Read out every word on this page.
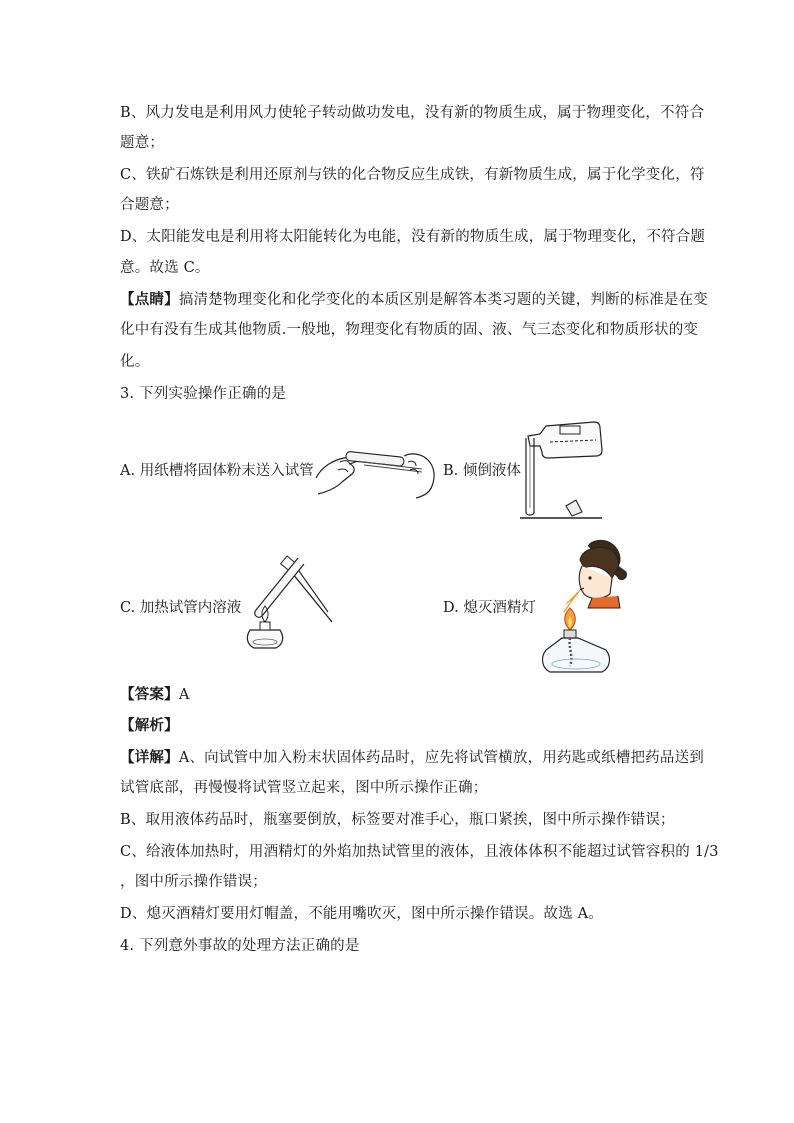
B、风力发电是利用风力使轮子转动做功发电，没有新的物质生成，属于物理变化，不符合
题意；
C、铁矿石炼铁是利用还原剂与铁的化合物反应生成铁，有新物质生成，属于化学变化，符
合题意；
D、太阳能发电是利用将太阳能转化为电能，没有新的物质生成，属于物理变化，不符合题
意。故选 C。
【点睛】搞清楚物理变化和化学变化的本质区别是解答本类习题的关键，判断的标准是在变
化中有没有生成其他物质.一般地，物理变化有物质的固、液、气三态变化和物质形状的变
化。
3. 下列实验操作正确的是
A. 用纸槽将固体粉末送入试管	B. 倾倒液体
C. 加热试管内溶液	D. 熄灭酒精灯
【答案】A
【解析】
【详解】A、向试管中加入粉末状固体药品时，应先将试管横放，用药匙或纸槽把药品送到
试管底部，再慢慢将试管竖立起来，图中所示操作正确；
B、取用液体药品时，瓶塞要倒放，标签要对准手心，瓶口紧挨，图中所示操作错误；
C、给液体加热时，用酒精灯的外焰加热试管里的液体，且液体体积不能超过试管容积的 1/3
，图中所示操作错误；
D、熄灭酒精灯要用灯帽盖，不能用嘴吹灭，图中所示操作错误。故选 A。
4. 下列意外事故的处理方法正确的是
